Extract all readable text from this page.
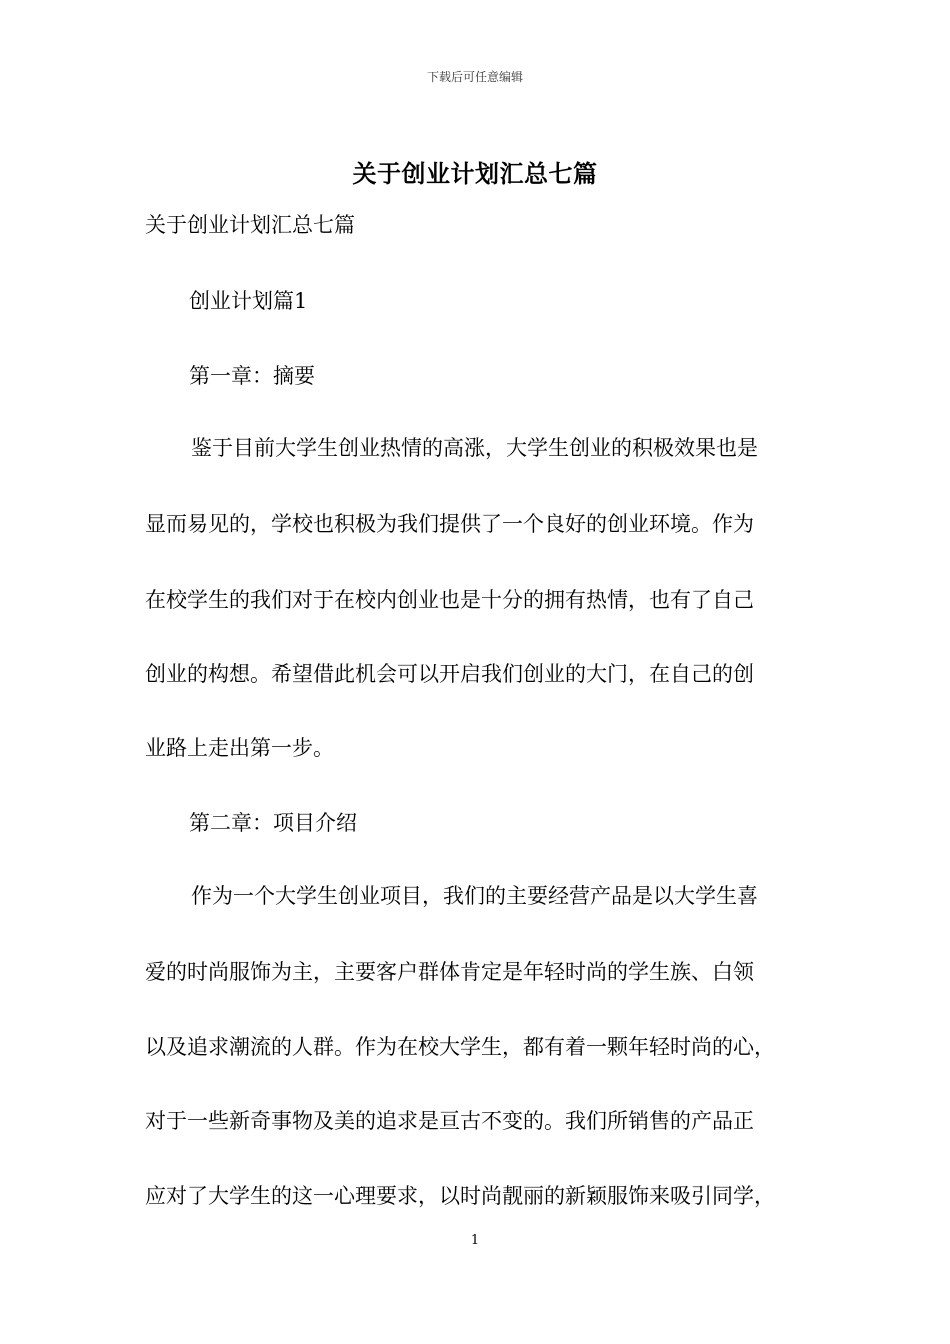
下载后可任意编辑
关于创业计划汇总七篇
关于创业计划汇总七篇
创业计划篇1
第一章：摘要
鉴于目前大学生创业热情的高涨，大学生创业的积极效果也是
显而易见的，学校也积极为我们提供了一个良好的创业环境。作为
在校学生的我们对于在校内创业也是十分的拥有热情，也有了自己
创业的构想。希望借此机会可以开启我们创业的大门，在自己的创
业路上走出第一步。
第二章：项目介绍
作为一个大学生创业项目，我们的主要经营产品是以大学生喜
爱的时尚服饰为主，主要客户群体肯定是年轻时尚的学生族、白领
以及追求潮流的人群。作为在校大学生，都有着一颗年轻时尚的心，
对于一些新奇事物及美的追求是亘古不变的。我们所销售的产品正
应对了大学生的这一心理要求，以时尚靓丽的新颖服饰来吸引同学，
1
